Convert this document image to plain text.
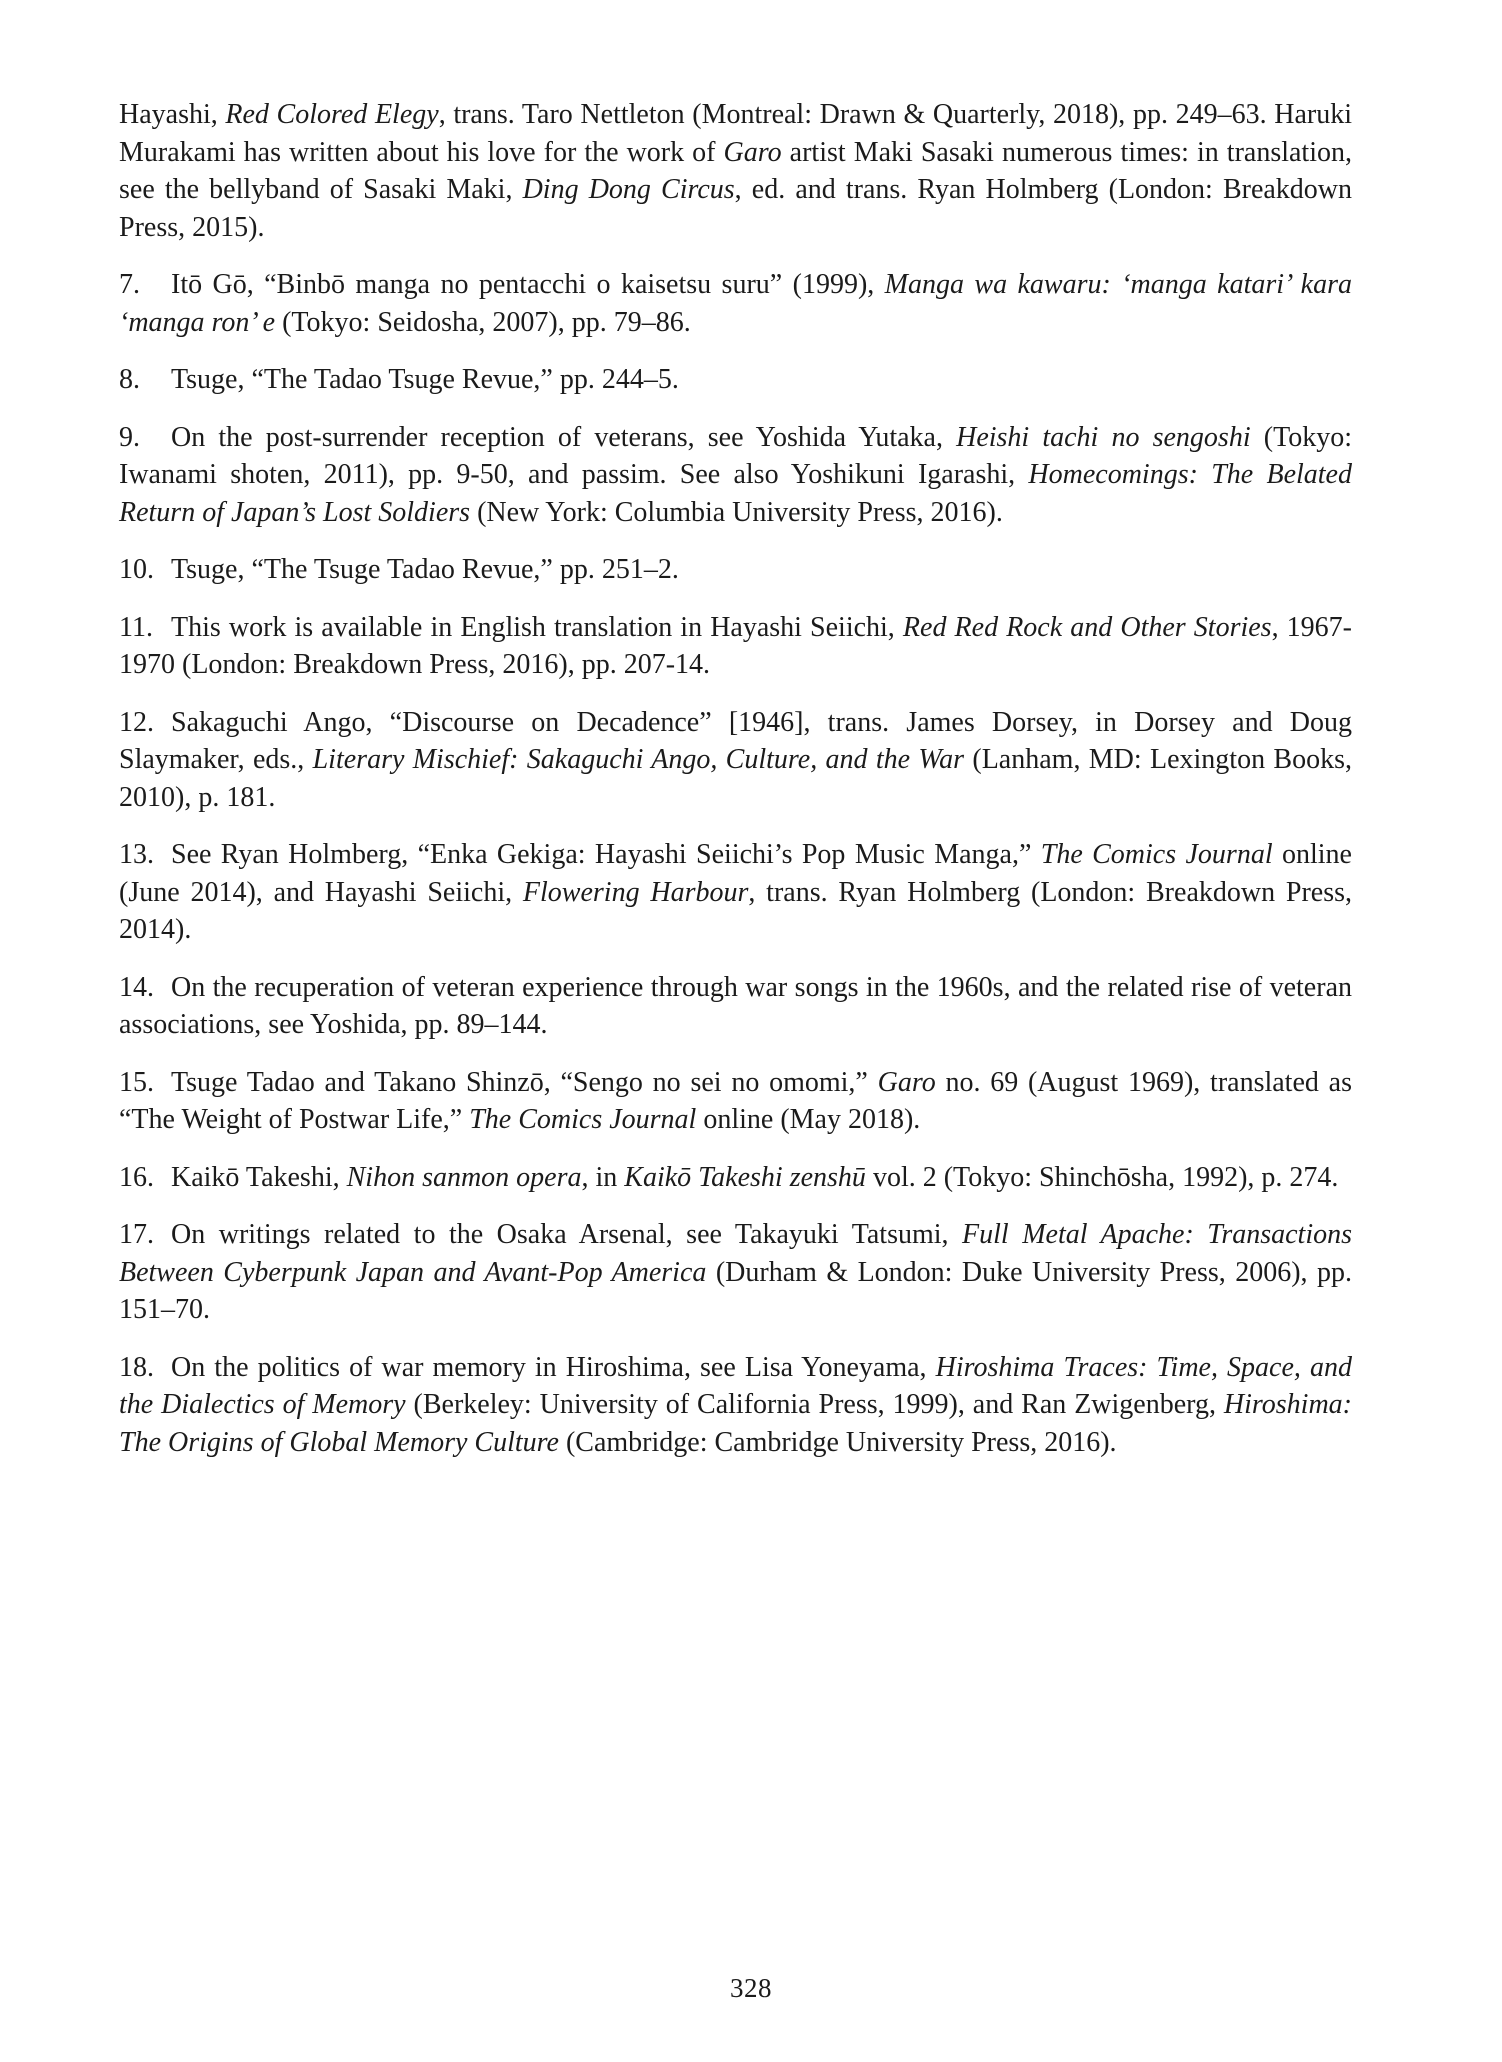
Hayashi, Red Colored Elegy, trans. Taro Nettleton (Montreal: Drawn & Quarterly, 2018), pp. 249–63. Haruki Murakami has written about his love for the work of Garo artist Maki Sasaki numerous times: in translation, see the bellyband of Sasaki Maki, Ding Dong Circus, ed. and trans. Ryan Holmberg (London: Breakdown Press, 2015).

7. Itō Gō, “Binbō manga no pentacchi o kaisetsu suru” (1999), Manga wa kawaru: ‘manga katari’ kara ‘manga ron’ e (Tokyo: Seidosha, 2007), pp. 79–86.

8. Tsuge, “The Tadao Tsuge Revue,” pp. 244–5.

9. On the post-surrender reception of veterans, see Yoshida Yutaka, Heishi tachi no sengoshi (Tokyo: Iwanami shoten, 2011), pp. 9-50, and passim. See also Yoshikuni Igarashi, Homecomings: The Belated Return of Japan’s Lost Soldiers (New York: Columbia University Press, 2016).

10. Tsuge, “The Tsuge Tadao Revue,” pp. 251–2.

11. This work is available in English translation in Hayashi Seiichi, Red Red Rock and Other Stories, 1967-1970 (London: Breakdown Press, 2016), pp. 207-14.

12. Sakaguchi Ango, “Discourse on Decadence” [1946], trans. James Dorsey, in Dorsey and Doug Slaymaker, eds., Literary Mischief: Sakaguchi Ango, Culture, and the War (Lanham, MD: Lexington Books, 2010), p. 181.

13. See Ryan Holmberg, “Enka Gekiga: Hayashi Seiichi’s Pop Music Manga,” The Comics Journal online (June 2014), and Hayashi Seiichi, Flowering Harbour, trans. Ryan Holmberg (London: Breakdown Press, 2014).

14. On the recuperation of veteran experience through war songs in the 1960s, and the related rise of veteran associations, see Yoshida, pp. 89–144.

15. Tsuge Tadao and Takano Shinzō, “Sengo no sei no omomi,” Garo no. 69 (August 1969), translated as “The Weight of Postwar Life,” The Comics Journal online (May 2018).

16. Kaikō Takeshi, Nihon sanmon opera, in Kaikō Takeshi zenshū vol. 2 (Tokyo: Shinchōsha, 1992), p. 274.

17. On writings related to the Osaka Arsenal, see Takayuki Tatsumi, Full Metal Apache: Transactions Between Cyberpunk Japan and Avant-Pop America (Durham & London: Duke University Press, 2006), pp. 151–70.

18. On the politics of war memory in Hiroshima, see Lisa Yoneyama, Hiroshima Traces: Time, Space, and the Dialectics of Memory (Berkeley: University of California Press, 1999), and Ran Zwigenberg, Hiroshima: The Origins of Global Memory Culture (Cambridge: Cambridge University Press, 2016).

328
